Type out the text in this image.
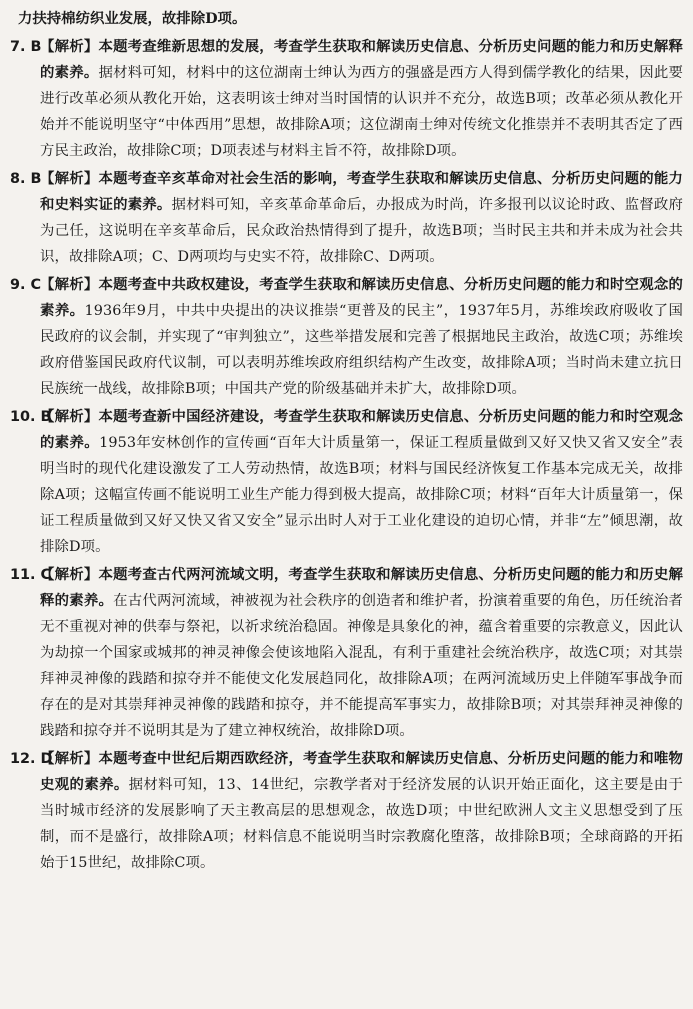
力扶持棉纺织业发展，故排除D项。
7. B
【解析】本题考查维新思想的发展，考查学生获取和解读历史信息、分析历史问题的能力和历史解释的素养。据材料可知，材料中的这位湖南士绅认为西方的强盛是西方人得到儒学教化的结果，因此要进行改革必须从教化开始，这表明该士绅对当时国情的认识并不充分，故选B项；改革必须从教化开始并不能说明坚守“中体西用”思想，故排除A项；这位湖南士绅对传统文化推崇并不表明其否定了西方民主政治，故排除C项；D项表述与材料主旨不符，故排除D项。
8. B
【解析】本题考查辛亥革命对社会生活的影响，考查学生获取和解读历史信息、分析历史问题的能力和史料实证的素养。据材料可知，辛亥革命革命后，办报成为时尚，许多报刊以议论时政、监督政府为己任，这说明在辛亥革命后，民众政治热情得到了提升，故选B项；当时民主共和并未成为社会共识，故排除A项；C、D两项均与史实不符，故排除C、D两项。
9. C
【解析】本题考查中共政权建设，考查学生获取和解读历史信息、分析历史问题的能力和时空观念的素养。1936年9月，中共中央提出的决议推崇“更普及的民主”，1937年5月，苏维埃政府吸收了国民政府的议会制，并实现了“审判独立”，这些举措发展和完善了根据地民主政治，故选C项；苏维埃政府借鉴国民政府代议制，可以表明苏维埃政府组织结构产生改变，故排除A项；当时尚未建立抗日民族统一战线，故排除B项；中国共产党的阶级基础并未扩大，故排除D项。
10. B
【解析】本题考查新中国经济建设，考查学生获取和解读历史信息、分析历史问题的能力和时空观念的素养。1953年安林创作的宣传画“百年大计质量第一，保证工程质量做到又好又快又省又安全”表明当时的现代化建设激发了工人劳动热情，故选B项；材料与国民经济恢复工作基本完成无关，故排除A项；这幅宣传画不能说明工业生产能力得到极大提高，故排除C项；材料“百年大计质量第一，保证工程质量做到又好又快又省又安全”显示出时人对于工业化建设的迫切心情，并非“左”倾思潮，故排除D项。
11. C
【解析】本题考查古代两河流域文明，考查学生获取和解读历史信息、分析历史问题的能力和历史解释的素养。在古代两河流域，神被视为社会秩序的创造者和维护者，扮演着重要的角色，历任统治者无不重视对神的供奉与祭祀，以祈求统治稳固。神像是具象化的神，蕴含着重要的宗教意义，因此认为劫掠一个国家或城邦的神灵神像会使该地陷入混乱，有利于重建社会统治秩序，故选C项；对其崇拜神灵神像的践踏和掠夺并不能使文化发展趋同化，故排除A项；在两河流域历史上伴随军事战争而存在的是对其崇拜神灵神像的践踏和掠夺，并不能提高军事实力，故排除B项；对其崇拜神灵神像的践踏和掠夺并不说明其是为了建立神权统治，故排除D项。
12. D
【解析】本题考查中世纪后期西欧经济，考查学生获取和解读历史信息、分析历史问题的能力和唯物史观的素养。据材料可知，13、14世纪，宗教学者对于经济发展的认识开始正面化，这主要是由于当时城市经济的发展影响了天主教高层的思想观念，故选D项；中世纪欧洲人文主义思想受到了压制，而不是盛行，故排除A项；材料信息不能说明当时宗教腐化堕落，故排除B项；全球商路的开拓始于15世纪，故排除C项。
